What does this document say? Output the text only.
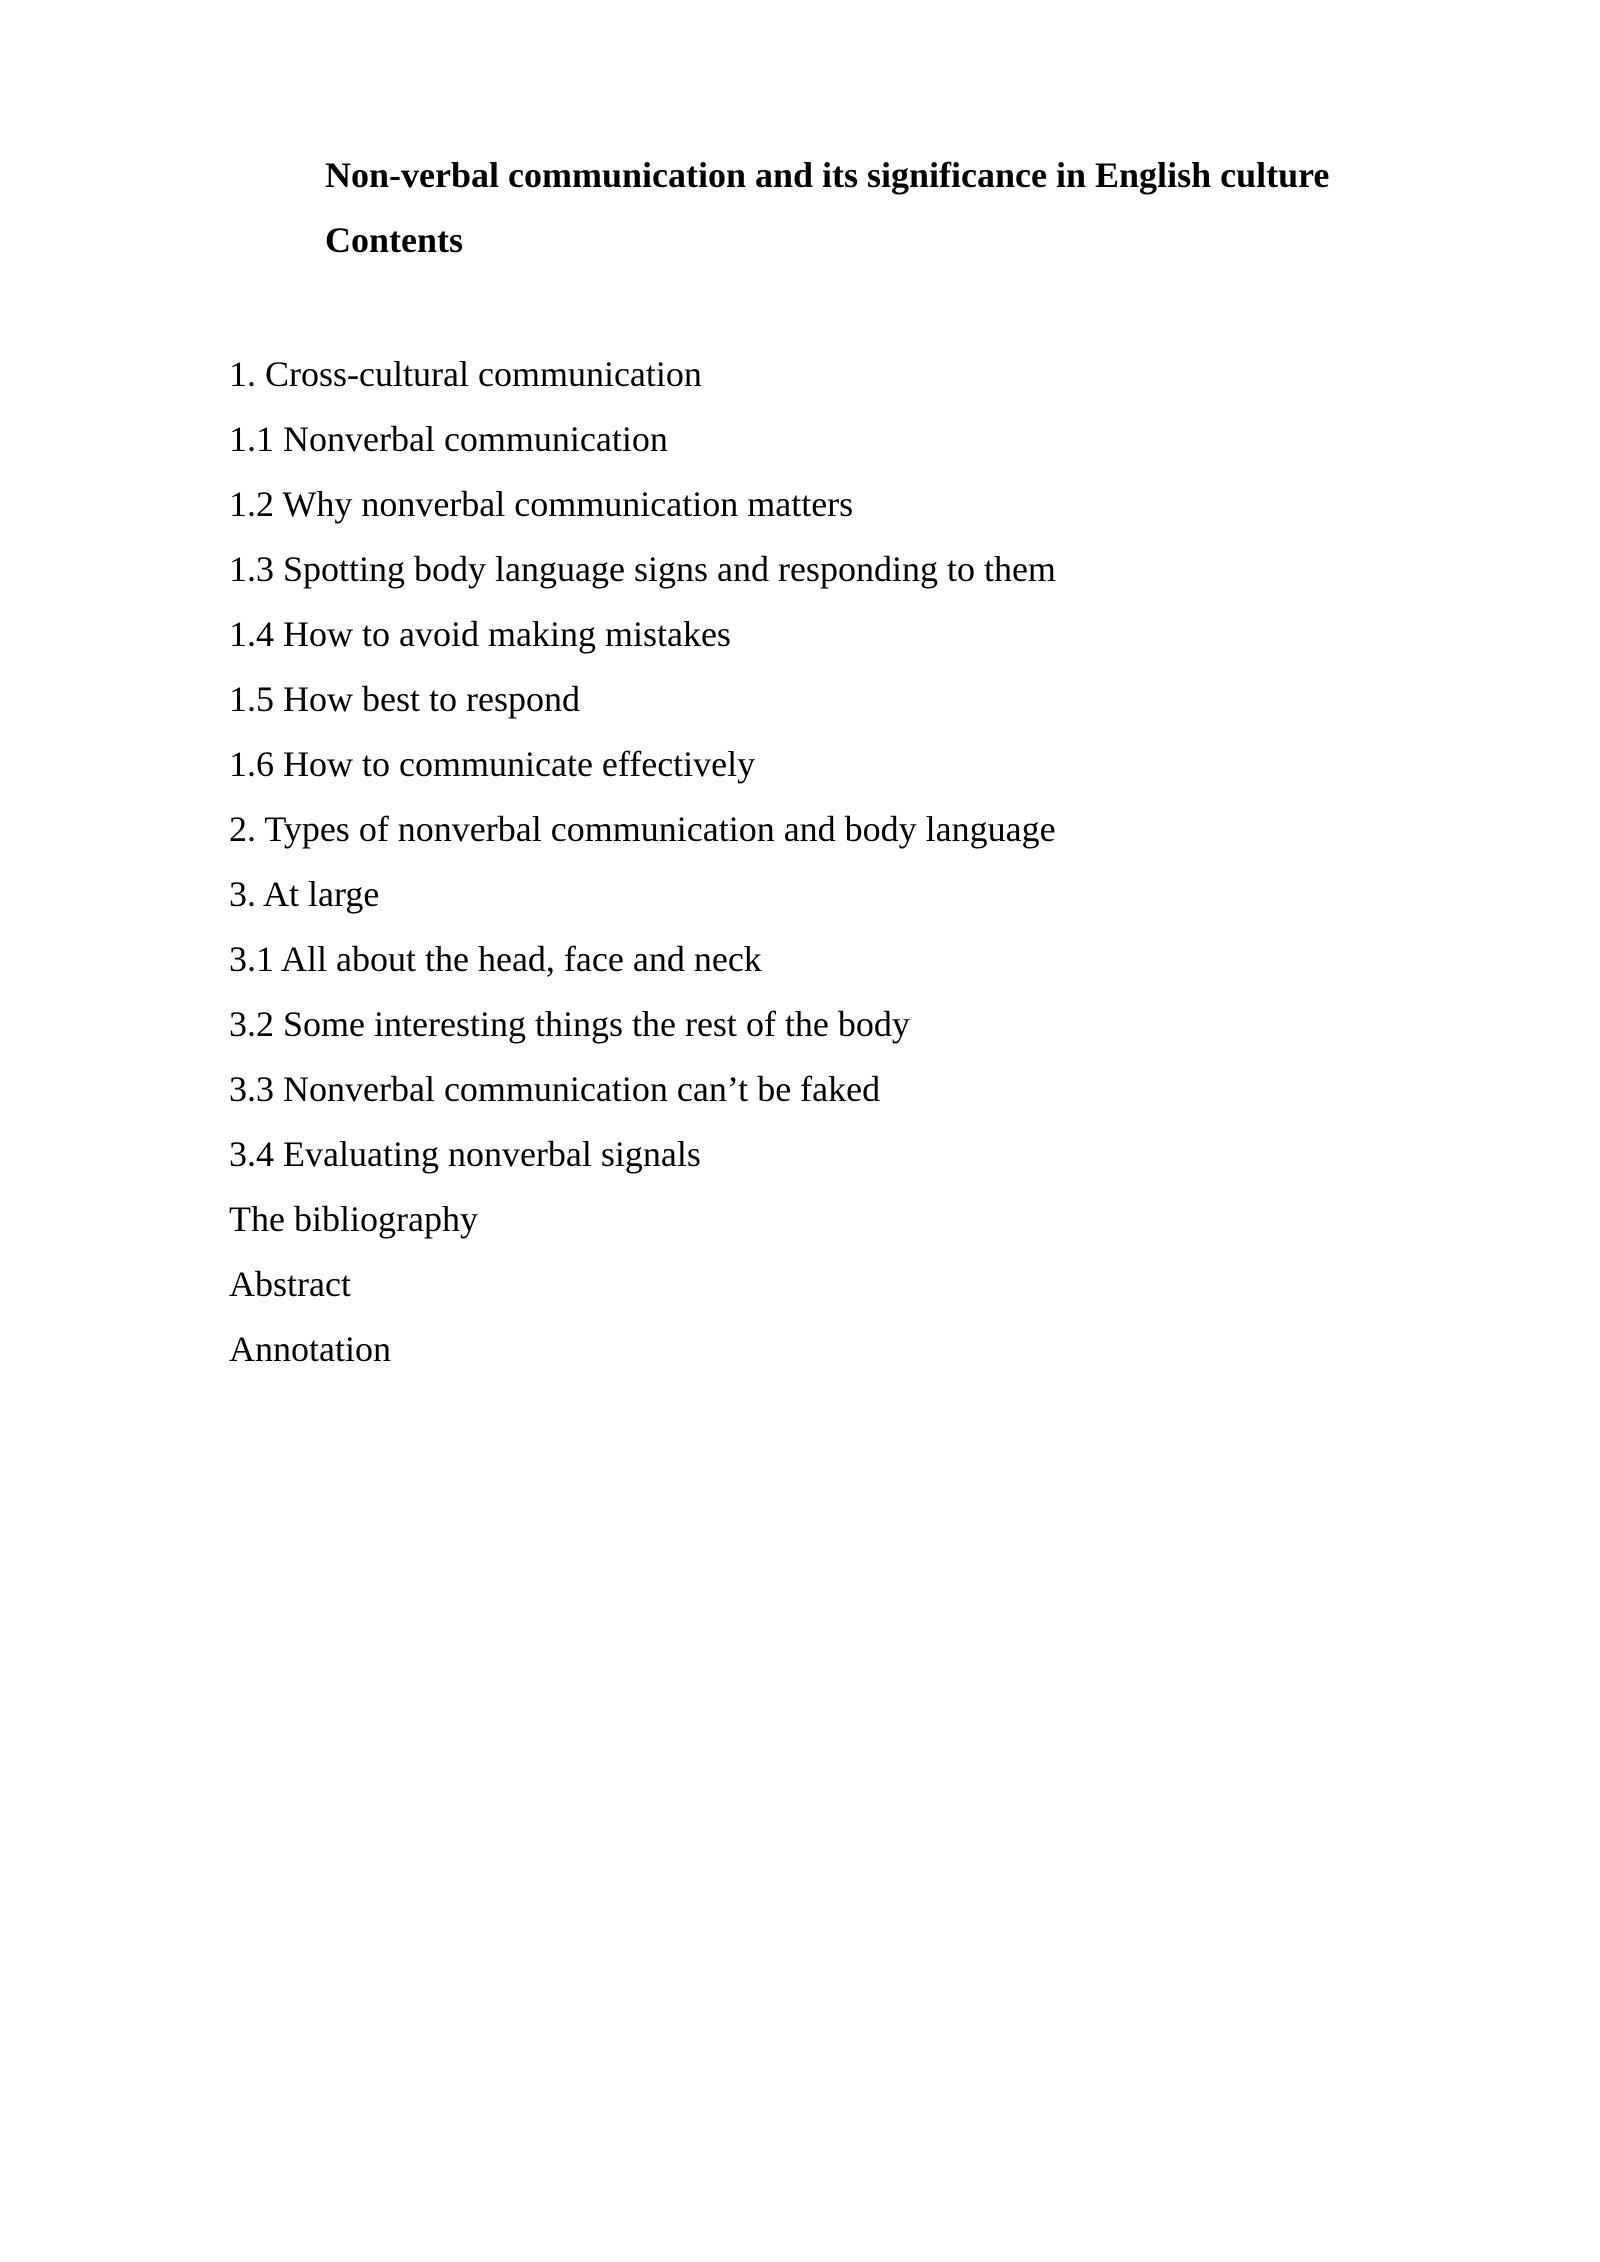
Non-verbal communication and its significance in English culture
Contents
1. Cross-cultural communication
1.1 Nonverbal communication
1.2 Why nonverbal communication matters
1.3 Spotting body language signs and responding to them
1.4 How to avoid making mistakes
1.5 How best to respond
1.6 How to communicate effectively
2. Types of nonverbal communication and body language
3. At large
3.1 All about the head, face and neck
3.2 Some interesting things the rest of the body
3.3 Nonverbal communication can’t be faked
3.4 Evaluating nonverbal signals
The bibliography
Abstract
Annotation
